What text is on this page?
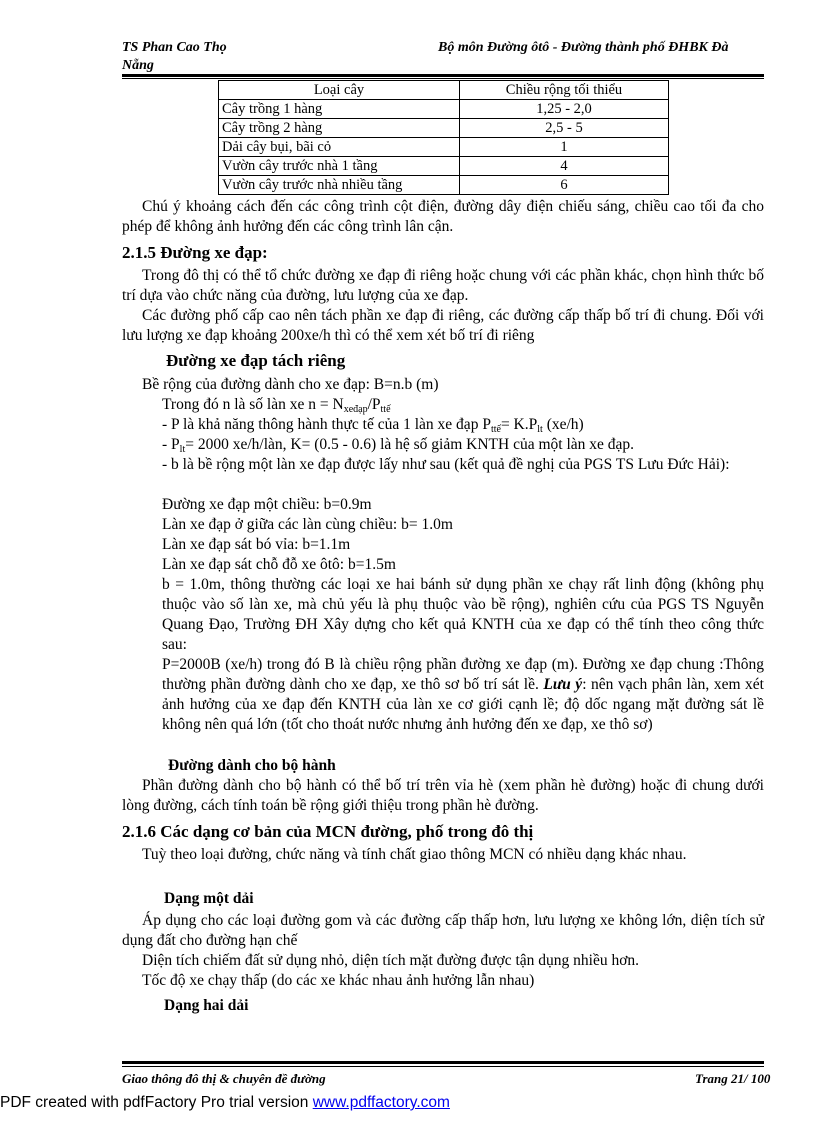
TS Phan Cao Thọ
Nẵng
Bộ môn Đường ôtô - Đường thành phố ĐHBK Đà
Loại cây	Chiều rộng tối thiểu
Cây trồng 1 hàng	1,25 - 2,0
Cây trồng 2 hàng	2,5 - 5
Dải cây bụi, bãi cỏ	1
Vườn cây trước nhà 1 tầng	4
Vườn cây trước nhà nhiều tầng	6
Chú ý khoảng cách đến các công trình cột điện, đường dây điện chiếu sáng, chiều cao tối đa cho phép để không ảnh hưởng đến các công trình lân cận.
2.1.5 Đường xe đạp:
Trong đô thị có thể tổ chức đường xe đạp đi riêng hoặc chung với các phần khác, chọn hình thức bố trí dựa vào chức năng của đường, lưu lượng của xe đạp.
Các đường phố cấp cao nên tách phần xe đạp đi riêng, các đường cấp thấp bố trí đi chung. Đối với lưu lượng xe đạp khoảng 200xe/h thì có thể xem xét bố trí đi riêng
Đường xe đạp tách riêng
Bề rộng của đường dành cho xe đạp: B=n.b (m)
Trong đó n là số làn xe $n = N_{xeđạp}/P_{ttế}$
- P là khả năng thông hành thực tế của 1 làn xe đạp $P_{ttế}= K.P_{lt}$ (xe/h)
- $P_{lt}= 2000$ xe/h/làn, K= (0.5 - 0.6) là hệ số giảm KNTH của một làn xe đạp.
- b là bề rộng một làn xe đạp được lấy như sau (kết quả đề nghị của PGS TS Lưu Đức Hải):
Đường xe đạp một chiều: b=0.9m
Làn xe đạp ở giữa các làn cùng chiều: b= 1.0m
Làn xe đạp sát bó vỉa: b=1.1m
Làn xe đạp sát chỗ đỗ xe ôtô: b=1.5m
b = 1.0m, thông thường các loại xe hai bánh sử dụng phần xe chạy rất linh động (không phụ thuộc vào số làn xe, mà chủ yếu là phụ thuộc vào bề rộng), nghiên cứu của PGS TS Nguyễn Quang Đạo, Trường ĐH Xây dựng cho kết quả KNTH của xe đạp có thể tính theo công thức sau:
P=2000B (xe/h) trong đó B là chiều rộng phần đường xe đạp (m). Đường xe đạp chung :Thông thường phần đường dành cho xe đạp, xe thô sơ bố trí sát lề. Lưu ý: nên vạch phân làn, xem xét ảnh hưởng của xe đạp đến KNTH của làn xe cơ giới cạnh lề; độ dốc ngang mặt đường sát lề không nên quá lớn (tốt cho thoát nước nhưng ảnh hưởng đến xe đạp, xe thô sơ)
Đường dành cho bộ hành
Phần đường dành cho bộ hành có thể bố trí trên vỉa hè (xem phần hè đường) hoặc đi chung dưới lòng đường, cách tính toán bề rộng giới thiệu trong phần hè đường.
2.1.6 Các dạng cơ bản của MCN đường, phố trong đô thị
Tuỳ theo loại đường, chức năng và tính chất giao thông MCN có nhiều dạng khác nhau.
Dạng một dải
Áp dụng cho các loại đường gom và các đường cấp thấp hơn, lưu lượng xe không lớn, diện tích sử dụng đất cho đường hạn chế
Diện tích chiếm đất sử dụng nhỏ, diện tích mặt đường được tận dụng nhiều hơn.
Tốc độ xe chạy thấp (do các xe khác nhau ảnh hưởng lẫn nhau)
Dạng hai dải
Giao thông đô thị & chuyên đề đường	Trang 21/ 100
PDF created with pdfFactory Pro trial version www.pdffactory.com
